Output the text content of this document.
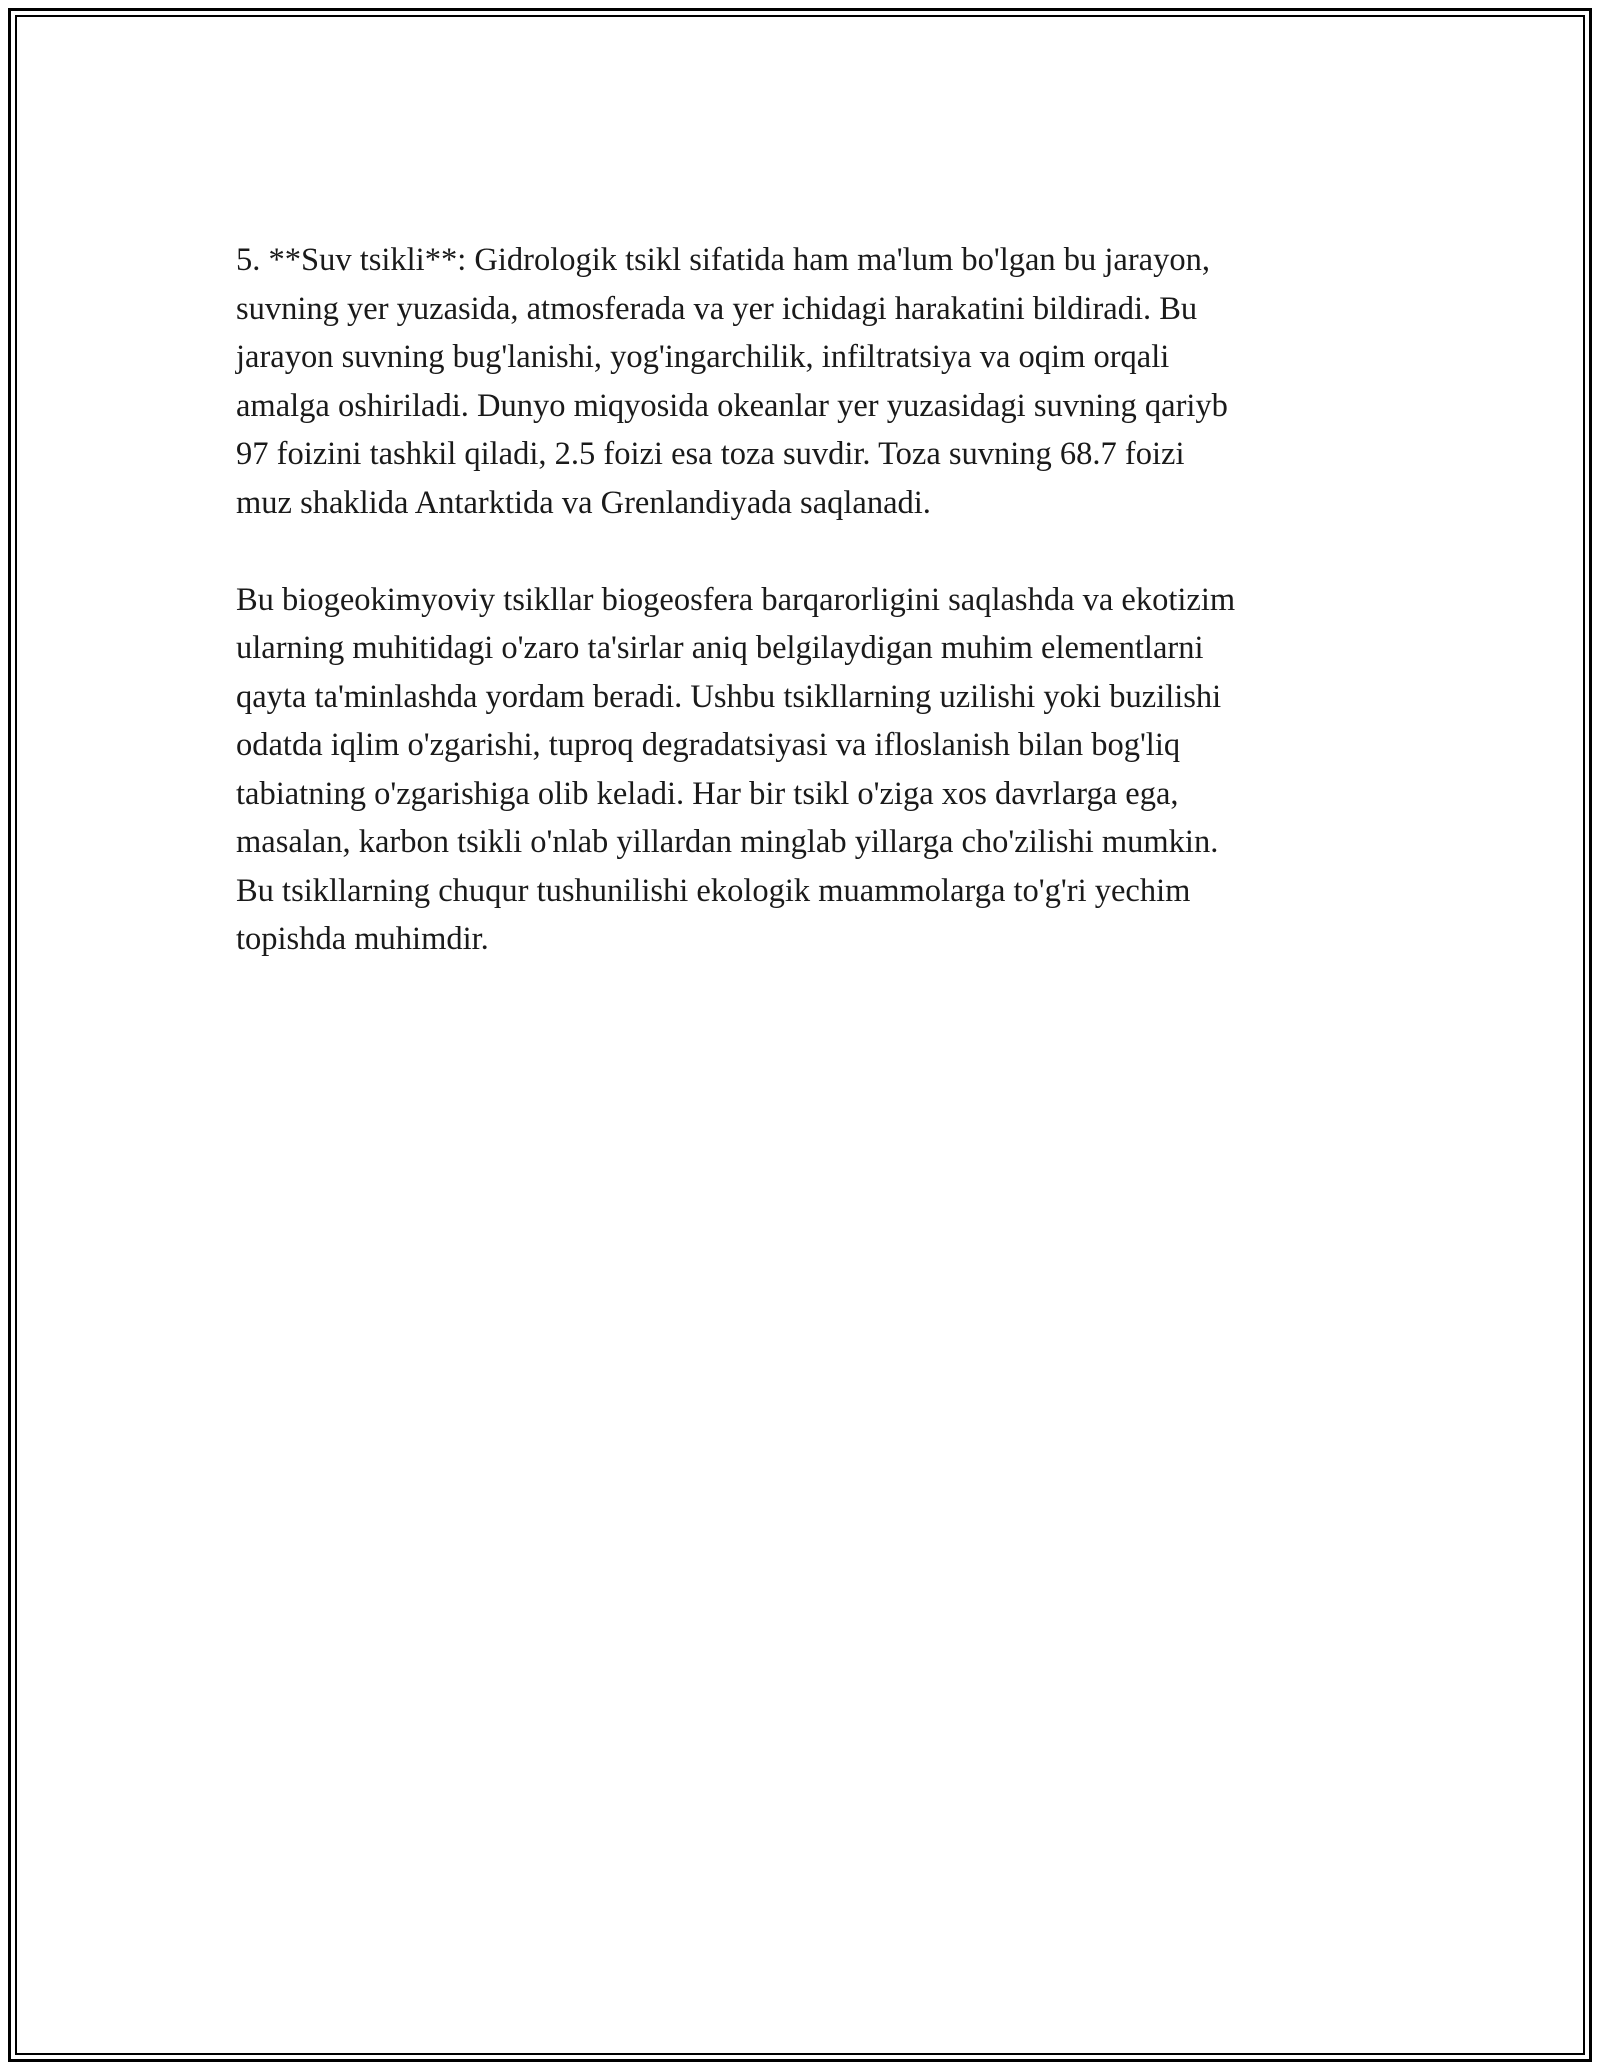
5. **Suv tsikli**: Gidrologik tsikl sifatida ham ma'lum bo'lgan bu jarayon,
suvning yer yuzasida, atmosferada va yer ichidagi harakatini bildiradi. Bu
jarayon suvning bug'lanishi, yog'ingarchilik, infiltratsiya va oqim orqali
amalga oshiriladi. Dunyo miqyosida okeanlar yer yuzasidagi suvning qariyb
97 foizini tashkil qiladi, 2.5 foizi esa toza suvdir. Toza suvning 68.7 foizi
muz shaklida Antarktida va Grenlandiyada saqlanadi.

Bu biogeokimyoviy tsikllar biogeosfera barqarorligini saqlashda va ekotizim
ularning muhitidagi o'zaro ta'sirlar aniq belgilaydigan muhim elementlarni
qayta ta'minlashda yordam beradi. Ushbu tsikllarning uzilishi yoki buzilishi
odatda iqlim o'zgarishi, tuproq degradatsiyasi va ifloslanish bilan bog'liq
tabiatning o'zgarishiga olib keladi. Har bir tsikl o'ziga xos davrlarga ega,
masalan, karbon tsikli o'nlab yillardan minglab yillarga cho'zilishi mumkin.
Bu tsikllarning chuqur tushunilishi ekologik muammolarga to'g'ri yechim
topishda muhimdir.
